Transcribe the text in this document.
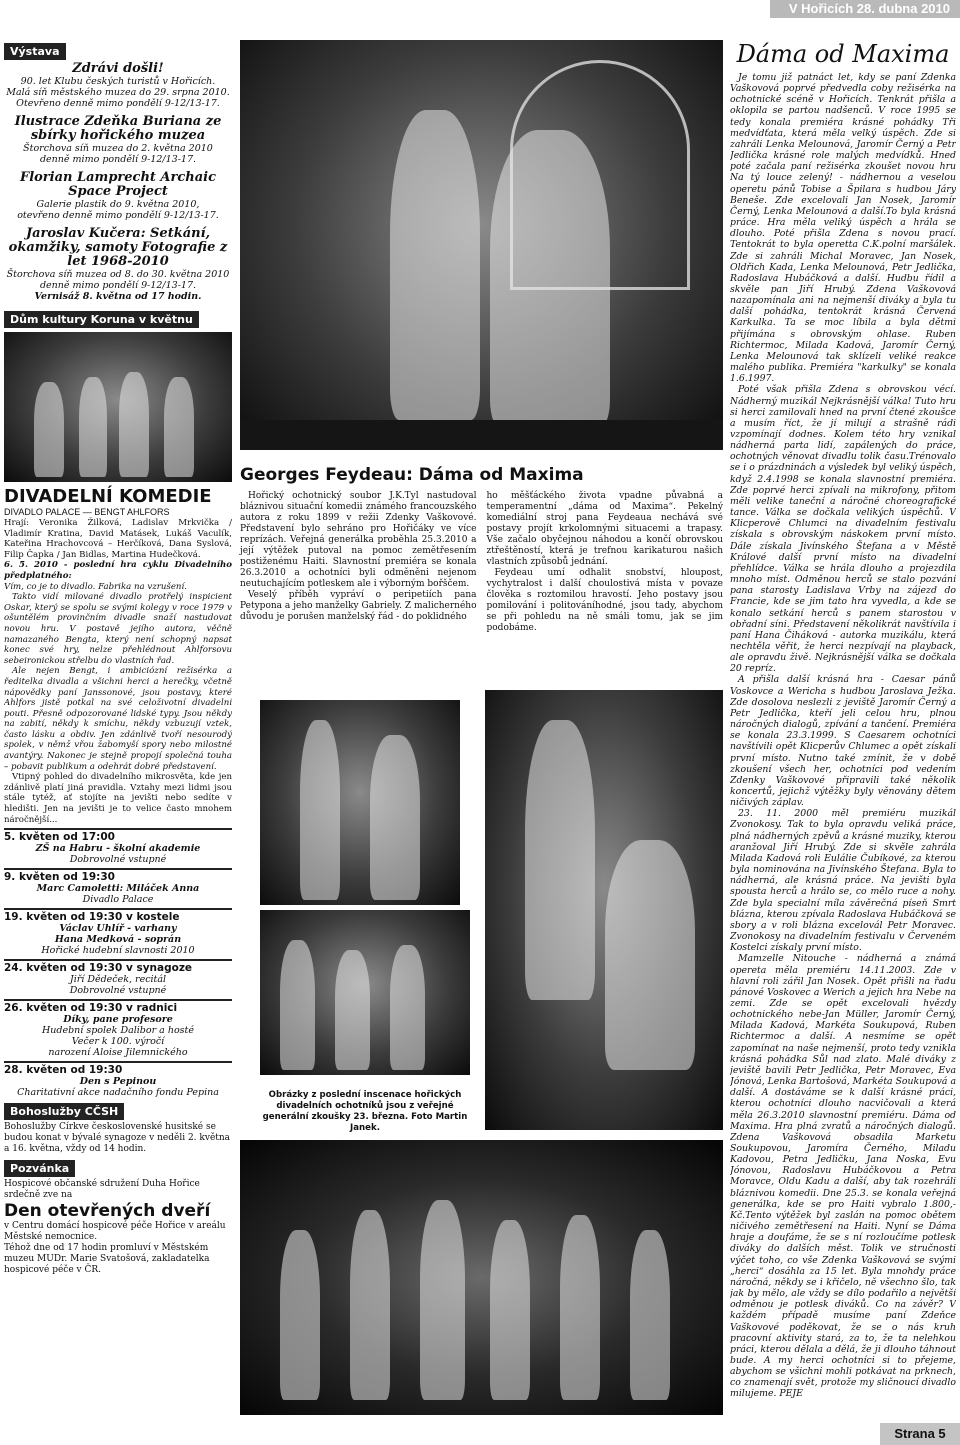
V Hořicích 28. dubna 2010
Výstava
Zdrávi došli!
90. let Klubu českých turistů v Hořicích.
Malá síň městského muzea do 29. srpna 2010.
Otevřeno denně mimo pondělí 9-12/13-17.
Ilustrace Zdeňka Buriana ze sbírky hořického muzea
Štorchova síň muzea do 2. května 2010
denně mimo pondělí 9-12/13-17.
Florian Lamprecht Archaic Space Project
Galerie plastik do 9. května 2010,
otevřeno denně mimo pondělí 9-12/13-17.
Jaroslav Kučera: Setkání, okamžiky, samoty Fotografie z let 1968-2010
Štorchova síň muzea od 8. do 30. května 2010
denně mimo pondělí 9-12/13-17.
Vernisáž 8. května od 17 hodin.
Dům kultury Koruna v květnu
DIVADELNÍ KOMEDIE
DIVADLO PALACE — BENGT AHLFORS
Hrají: Veronika Žilková, Ladislav Mrkvička / Vladimír Kratina, David Matásek, Lukáš Vaculík, Kateřina Hrachovcová – Herčíková, Dana Syslová, Filip Čapka / Jan Bidlas, Martina Hudečková.
6. 5. 2010 - poslední hra cyklu Divadelního předplatného:
Vím, co je to divadlo. Fabrika na vzrušení.
Takto vidí milované divadlo protřelý inspicient Oskar, který se spolu se svými kolegy v roce 1979 v ošuntělém provinčním divadle snaží nastudovat novou hru. V postavě jejího autora, věčně namazaného Bengta, který není schopný napsat konec své hry, nelze přehlédnout Ahlforsovu sebeironickou střelbu do vlastních řad.
Ale nejen Bengt, i ambiciózní režisérka a ředitelka divadla a všichni herci a herečky, včetně nápovědky paní Janssonové, jsou postavy, které Ahlfors jistě potkal na své celoživotní divadelní pouti. Přesně odpozorované lidské typy. Jsou někdy na zabití, někdy k smíchu, někdy vzbuzují vztek, často lásku a obdiv. Jen zdánlivě tvoří nesourodý spolek, v němž vřou žabomyší spory nebo milostné avantýry. Nakonec je stejně propojí společná touha – pobavit publikum a odehrát dobré představení.
Vtipný pohled do divadelního mikrosvěta, kde jen zdánlivě platí jiná pravidla. Vztahy mezi lidmi jsou stále tytéž, ať stojíte na jevišti nebo sedíte v hledišti. Jen na jevišti je to velice často mnohem náročnější...
5. květen od 17:00
ZŠ na Habru - školní akademie
Dobrovolné vstupné
9. květen od 19:30
Marc Camoletti: Miláček Anna
Divadlo Palace
19. květen od 19:30 v kostele
Václav Uhlíř - varhany
Hana Medková - soprán
Hořické hudební slavnosti 2010
24. květen od 19:30 v synagoze
Jiří Dědeček, recitál
Dobrovolné vstupné
26. květen od 19:30 v radnici
Díky, pane profesore
Hudební spolek Dalibor a hosté
Večer k 100. výročí
narození Aloise Jilemnického
28. květen od 19:30
Den s Pepinou
Charitativní akce nadačního fondu Pepina
Bohoslužby CČSH
Bohoslužby Církve československé husitské se budou konat v bývalé synagoze v neděli 2. května a 16. května, vždy od 14 hodin.
Pozvánka
Hospicové občanské sdružení Duha Hořice srdečně zve na
Den otevřených dveří
v Centru domácí hospicové péče Hořice v areálu Městské nemocnice.
Téhož dne od 17 hodin promluví v Městském muzeu MUDr. Marie Svatošová, zakladatelka hospicové péče v ČR.
Georges Feydeau: Dáma od Maxima

Hořický ochotnický soubor J.K.Tyl nastudoval bláznivou situační komedii známého francouzského autora z roku 1899 v režii Zdenky Vaškovové. Představení bylo sehráno pro Hořičáky ve více reprízách. Veřejná generálka proběhla 25.3.2010 a její výtěžek putoval na pomoc zemětřesením postiženému Haiti. Slavnostní premiéra se konala 26.3.2010 a ochotníci byli odměněni nejenom neutuchajícím potleskem ale i výborným bořščem.

Veselý příběh vypráví o peripetiích pana Petypona a jeho manželky Gabriely. Z malicherného důvodu je porušen manželský řád - do poklidného

ho měšťáckého života vpadne půvabná a temperamentní „dáma od Maxima“. Pekelný komediální stroj pana Feydeaua nechává své postavy projít krkolomnými situacemi a trapasy. Vše začalo obyčejnou náhodou a končí obrovskou ztřeštěností, která je trefnou karikaturou našich vlastních způsobů jednání.

Feydeau umí odhalit snobství, hloupost, vychytralost i další choulostivá místa v povaze člověka s roztomilou hravostí. Jeho postavy jsou pomilování i politováníhodné, jsou tady, abychom se při pohledu na ně smáli tomu, jak se jim podobáme.

Obrázky z poslední inscenace hořických divadelních ochotníků jsou z veřejné generální zkoušky 23. března. Foto Martin Janek.
Dáma od Maxima

Je tomu již patnáct let, kdy se paní Zdenka Vaškovová poprvé předvedla coby režisérka na ochotnické scéně v Hořicích. Tenkrát přišla a oklopila se partou nadšenců. V roce 1995 se tedy konala premiéra krásné pohádky Tři medvídťata, která měla velký úspěch. Zde si zahráli Lenka Melounová, Jaromír Černý a Petr Jedlička krásné role malých medvídků. Hned poté začala paní režisérka zkoušet novou hru Na tý louce zelený! - nádhernou a veselou operetu pánů Tobise a Špilara s hudbou Járy Beneše. Zde excelovali Jan Nosek, Jaromír Černý, Lenka Melounová a další.To byla krásná práce. Hra měla veliký úspěch a hrála se dlouho. Poté přišla Zdena s novou prací. Tentokrát to byla operetta C.K.polní maršálek. Zde si zahráli Michal Moravec, Jan Nosek, Oldřich Kada, Lenka Melounová, Petr Jedlička, Radoslava Hubáčková a další. Hudbu řídil a skvěle pan Jiří Hrubý. Zdena Vaškovová nazapomínala ani na nejmenší diváky a byla tu další pohádka, tentokrát krásná Červená Karkulka. Ta se moc líbila a byla dětmi přijímána s obrovským ohlase. Ruben Richtermoc, Milada Kadová, Jaromír Černý, Lenka Melounová tak sklízeli veliké reakce malého publika. Premiéra "karkulky" se konala 1.6.1997.

Poté však přišla Zdena s obrovskou vécí. Nádherný muzikál Nejkrásnější válka! Tuto hru si herci zamilovali hned na první čtené zkoušce a musím říct, že jí milují a strašně rádi vzpomínají dodnes. Kolem této hry vznikal nádherná parta lidí, zapálených do práce, ochotných věnovat divadlu tolik času.Trénovalo se i o prázdninách a výsledek byl veliký úspěch, když 2.4.1998 se konala slavnostní premiéra. Zde poprvé herci zpívali na mikrofony, přitom měli velike taneční a náročné choreografické tance. Válka se dočkala velikých úspěchů. V Klicperově Chlumci na divadelním festivalu získala s obrovským náskokem první místo. Dále získala Jivínského Štefana a v Městě Králové další první místo na divadelní přehlídce. Válka se hrála dlouho a projezdila mnoho míst. Odměnou herců se stalo pozvání pana starosty Ladislava Vrby na zájezd do Francie, kde se jim tato hra vyvedla, a kde se konalo setkání herců s panem starostou v obřadní síni. Představení několikrát navštívila i paní Hana Čiháková - autorka muzikálu, která nechtěla věřit, že herci nezpívají na playback, ale opravdu živě. Nejkrásnější válka se dočkala 20 repríz.

A přišla další krásná hra - Caesar pánů Voskovce a Wericha s hudbou Jaroslava Ježka. Zde dosolova neslezli z jeviště Jaromír Černý a Petr Jedlička, kteří jeli celou hru, plnou náročných dialogů, zpívání a tančení. Premiéra se konala 23.3.1999. S Caesarem ochotníci navštívili opět Klicperův Chlumec a opět získali první místo. Nutno také zmínit, že v době zkoušení všech her, ochotníci pod vedením Zdenky Vaškovové připravili také několik koncertů, jejichž výtěžky byly věnovány dětem ničivých záplav.

23. 11. 2000 měl premiéru muzikál Zvonokosy. Tak to byla opravdu veliká práce, plná nádherných zpěvů a krásné muziky, kterou aranžoval Jiří Hrubý. Zde si skvěle zahrála Milada Kadová roli Eulálie Čubíkové, za kterou byla nominována na Jivínského Štefana. Byla to nádherná, ale krásná práce. Na jevišti byla spousta herců a hrálo se, co mělo ruce a nohy. Zde byla specialní míla závěrečná píseň Smrt blázna, kterou zpívala Radoslava Hubáčková se sbory a v roli blázna excelovál Petr Moravec. Zvonokosy na divadelním festivalu v Červeném Kostelci získaly první místo.

Mamzelle Nitouche - nádherná a známá opereta měla premiéru 14.11.2003. Zde v hlavní roli zářil Jan Nosek. Opět přišli na řadu pánové Voskovec a Werich a jejich hra Nebe na zemi. Zde se opět excelovali hvězdy ochotnického nebe-Jan Müller, Jaromír Černý, Milada Kadová, Markéta Soukupová, Ruben Richtermoc a další. A nesmíme se opět zapomínat na naše nejmenší, proto tedy vznikla krásná pohádka Sůl nad zlato. Malé diváky z jeviště bavili Petr Jedlička, Petr Moravec, Eva Jónová, Lenka Bartošová, Markéta Soukupová a další. A dostáváme se k další krásné práci, kterou ochotníci dlouho nacvičovali a která měla 26.3.2010 slavnostní premiéru. Dáma od Maxima. Hra plná zvratů a náročných dialogů. Zdena Vaškovová obsadila Marketu Soukupovou, Jaromíra Černého, Miladu Kadovou, Petra Jedličku, Jana Noska, Evu Jónovou, Radoslavu Hubáčkovou a Petra Moravce, Oldu Kadu a další, aby tak rozehráli bláznivou komedii. Dne 25.3. se konala veřejná generálka, kde se pro Haiti vybralo 1.800,- Kč.Tento výtěžek byl zaslán na pomoc obětem ničivého zemětřesení na Haiti. Nyní se Dáma hraje a doufáme, že se s ní rozloučíme potlesk diváky do dalších měst. Tolik ve stručnosti výčet toho, co vše Zdenka Vaškovová se svými „herci“ dosáhla za 15 let. Byla mnohdy práce náročná, někdy se i křičelo, ně všechno šlo, tak jak by mělo, ale vždy se dílo podařilo a největší odměnou je potlesk diváků. Co na závěr? V každém případě musíme paní Zdeňce Vaškovové poděkovat, že se o nás kruh pracovní aktivity stará, za to, že ta nelehkou práci, kterou dělala a dělá, že ji dlouho táhnout bude. A my herci ochotníci si to přejeme, abychom se všichni mohli potkávat na prknech, co znamenají svět, protože my sličnoucí divadlo milujeme. PEJE

Strana 5
